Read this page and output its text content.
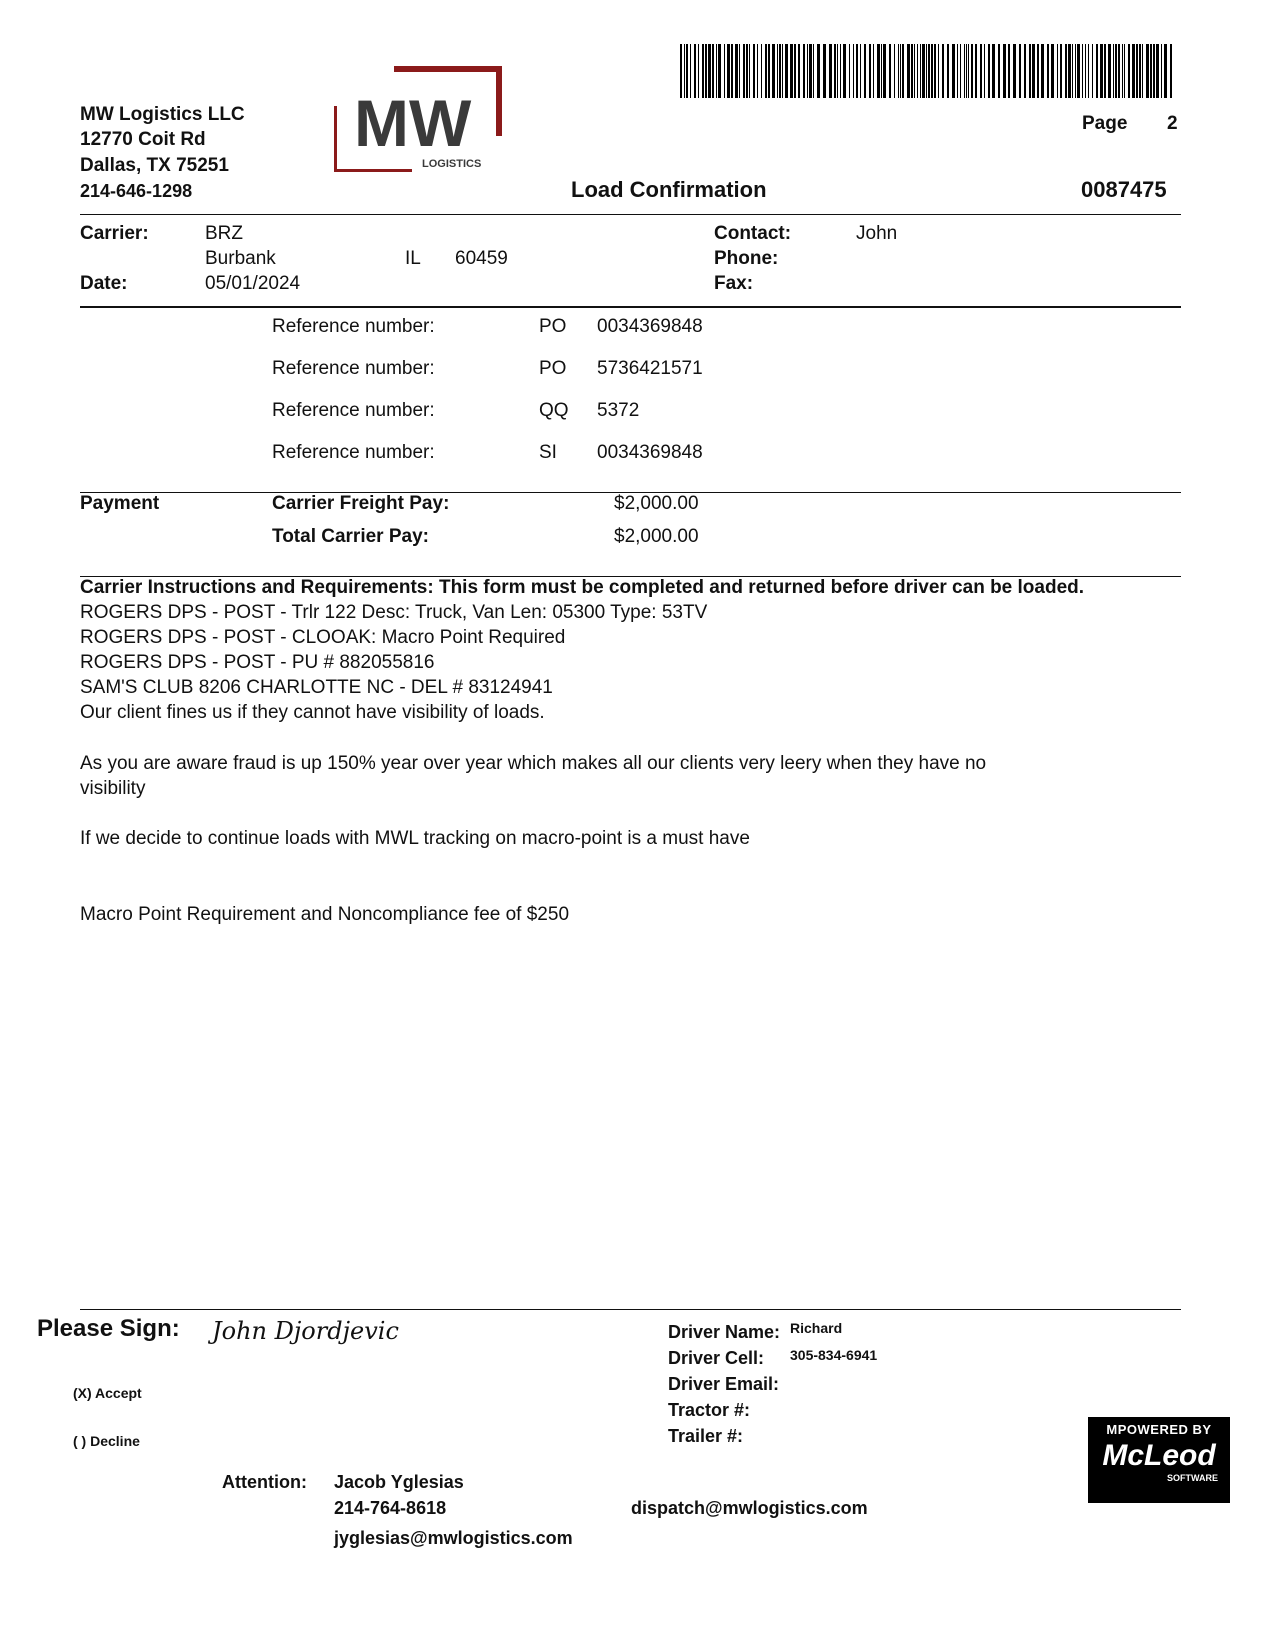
MW Logistics LLC
12770 Coit Rd
Dallas, TX 75251
214-646-1298
MW
LOGISTICS
Page 2
Load Confirmation	0087475
Carrier:	BRZ
Burbank	IL 60459
Date:	05/01/2024
Contact:	John
Phone:
Fax:
Reference number:	PO 0034369848
Reference number:	PO 5736421571
Reference number:	QQ 5372
Reference number:	SI 0034369848
Payment	Carrier Freight Pay:	$2,000.00
Total Carrier Pay:	$2,000.00
Carrier Instructions and Requirements: This form must be completed and returned before driver can be loaded.
ROGERS DPS - POST - Trlr 122 Desc: Truck, Van Len: 05300 Type: 53TV
ROGERS DPS - POST - CLOOAK: Macro Point Required
ROGERS DPS - POST - PU # 882055816
SAM'S CLUB 8206 CHARLOTTE NC - DEL # 83124941
Our client fines us if they cannot have visibility of loads.
As you are aware fraud is up 150% year over year which makes all our clients very leery when they have no
visibility
If we decide to continue loads with MWL tracking on macro-point is a must have
Macro Point Requirement and Noncompliance fee of $250
Please Sign: John Djordjevic
(X) Accept
( ) Decline
Driver Name: Richard
Driver Cell: 305-834-6941
Driver Email:
Tractor #:
Trailer #:	MPOWERED BY
McLeod
SOFTWARE
Attention: Jacob Yglesias
214-764-8618
jyglesias@mwlogistics.com
dispatch@mwlogistics.com
